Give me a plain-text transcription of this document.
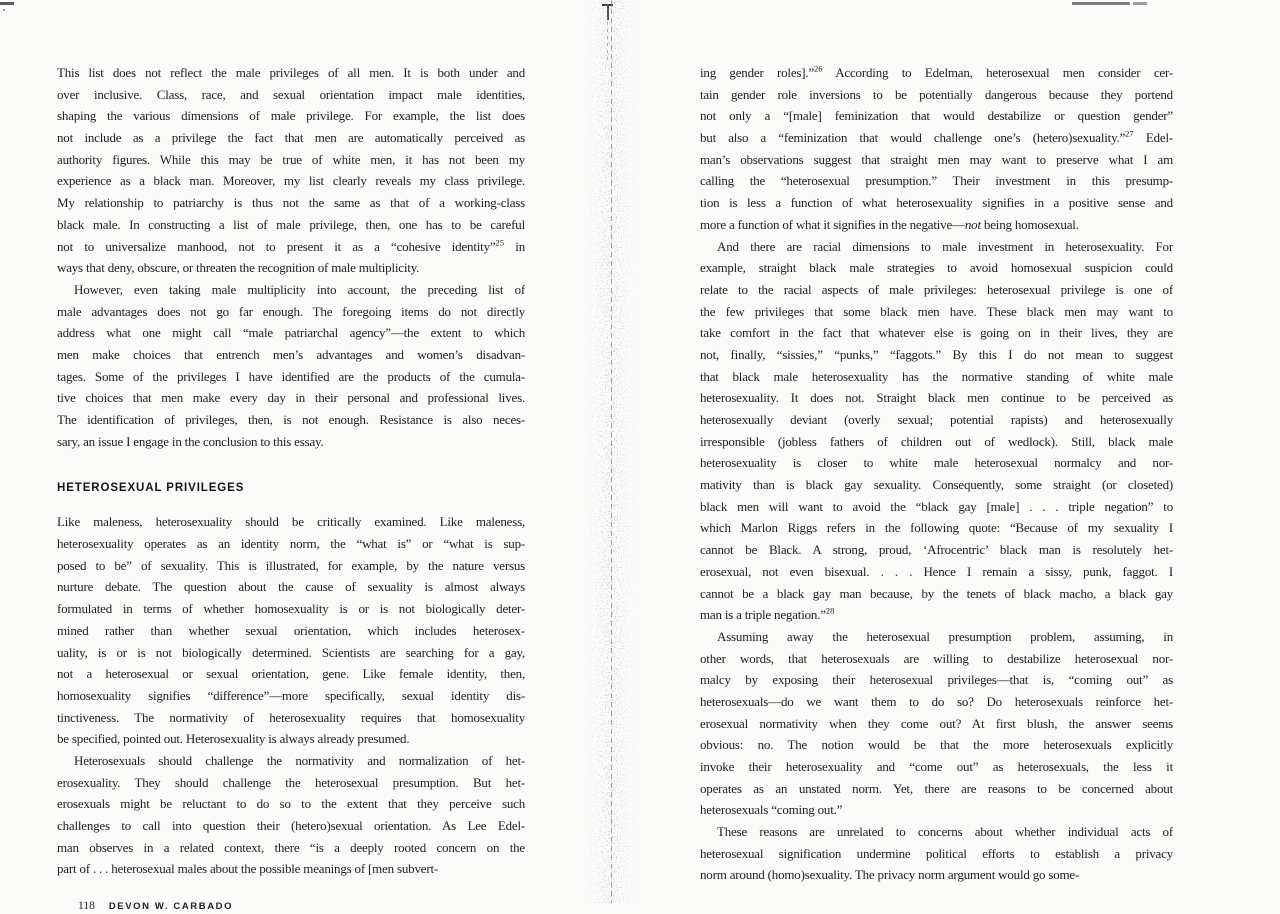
This list does not reflect the male privileges of all men. It is both under and
over inclusive. Class, race, and sexual orientation impact male identities,
shaping the various dimensions of male privilege. For example, the list does
not include as a privilege the fact that men are automatically perceived as
authority figures. While this may be true of white men, it has not been my
experience as a black man. Moreover, my list clearly reveals my class privilege.
My relationship to patriarchy is thus not the same as that of a working-class
black male. In constructing a list of male privilege, then, one has to be careful
not to universalize manhood, not to present it as a “cohesive identity”$^{25}$ in
ways that deny, obscure, or threaten the recognition of male multiplicity.
However, even taking male multiplicity into account, the preceding list of
male advantages does not go far enough. The foregoing items do not directly
address what one might call “male patriarchal agency”—the extent to which
men make choices that entrench men’s advantages and women’s disadvan-
tages. Some of the privileges I have identified are the products of the cumula-
tive choices that men make every day in their personal and professional lives.
The identification of privileges, then, is not enough. Resistance is also neces-
sary, an issue I engage in the conclusion to this essay.
HETEROSEXUAL PRIVILEGES
Like maleness, heterosexuality should be critically examined. Like maleness,
heterosexuality operates as an identity norm, the “what is” or “what is sup-
posed to be” of sexuality. This is illustrated, for example, by the nature versus
nurture debate. The question about the cause of sexuality is almost always
formulated in terms of whether homosexuality is or is not biologically deter-
mined rather than whether sexual orientation, which includes heterosex-
uality, is or is not biologically determined. Scientists are searching for a gay,
not a heterosexual or sexual orientation, gene. Like female identity, then,
homosexuality signifies “difference”—more specifically, sexual identity dis-
tinctiveness. The normativity of heterosexuality requires that homosexuality
be specified, pointed out. Heterosexuality is always already presumed.
Heterosexuals should challenge the normativity and normalization of het-
erosexuality. They should challenge the heterosexual presumption. But het-
erosexuals might be reluctant to do so to the extent that they perceive such
challenges to call into question their (hetero)sexual orientation. As Lee Edel-
man observes in a related context, there “is a deeply rooted concern on the
part of . . . heterosexual males about the possible meanings of [men subvert-
ing gender roles].”$^{26}$ According to Edelman, heterosexual men consider cer-
tain gender role inversions to be potentially dangerous because they portend
not only a “[male] feminization that would destabilize or question gender”
but also a “feminization that would challenge one’s (hetero)sexuality.”$^{27}$ Edel-
man’s observations suggest that straight men may want to preserve what I am
calling the “heterosexual presumption.” Their investment in this presump-
tion is less a function of what heterosexuality signifies in a positive sense and
more a function of what it signifies in the negative—not being homosexual.
And there are racial dimensions to male investment in heterosexuality. For
example, straight black male strategies to avoid homosexual suspicion could
relate to the racial aspects of male privileges: heterosexual privilege is one of
the few privileges that some black men have. These black men may want to
take comfort in the fact that whatever else is going on in their lives, they are
not, finally, “sissies,” “punks,” “faggots.” By this I do not mean to suggest
that black male heterosexuality has the normative standing of white male
heterosexuality. It does not. Straight black men continue to be perceived as
heterosexually deviant (overly sexual; potential rapists) and heterosexually
irresponsible (jobless fathers of children out of wedlock). Still, black male
heterosexuality is closer to white male heterosexual normalcy and nor-
mativity than is black gay sexuality. Consequently, some straight (or closeted)
black men will want to avoid the “black gay [male] . . . triple negation” to
which Marlon Riggs refers in the following quote: “Because of my sexuality I
cannot be Black. A strong, proud, ‘Afrocentric’ black man is resolutely het-
erosexual, not even bisexual. . . . Hence I remain a sissy, punk, faggot. I
cannot be a black gay man because, by the tenets of black macho, a black gay
man is a triple negation.”$^{28}$
Assuming away the heterosexual presumption problem, assuming, in
other words, that heterosexuals are willing to destabilize heterosexual nor-
malcy by exposing their heterosexual privileges—that is, “coming out” as
heterosexuals—do we want them to do so? Do heterosexuals reinforce het-
erosexual normativity when they come out? At first blush, the answer seems
obvious: no. The notion would be that the more heterosexuals explicitly
invoke their heterosexuality and “come out” as heterosexuals, the less it
operates as an unstated norm. Yet, there are reasons to be concerned about
heterosexuals “coming out.”
These reasons are unrelated to concerns about whether individual acts of
heterosexual signification undermine political efforts to establish a privacy
norm around (homo)sexuality. The privacy norm argument would go some-
118 DEVON W. CARBADO
